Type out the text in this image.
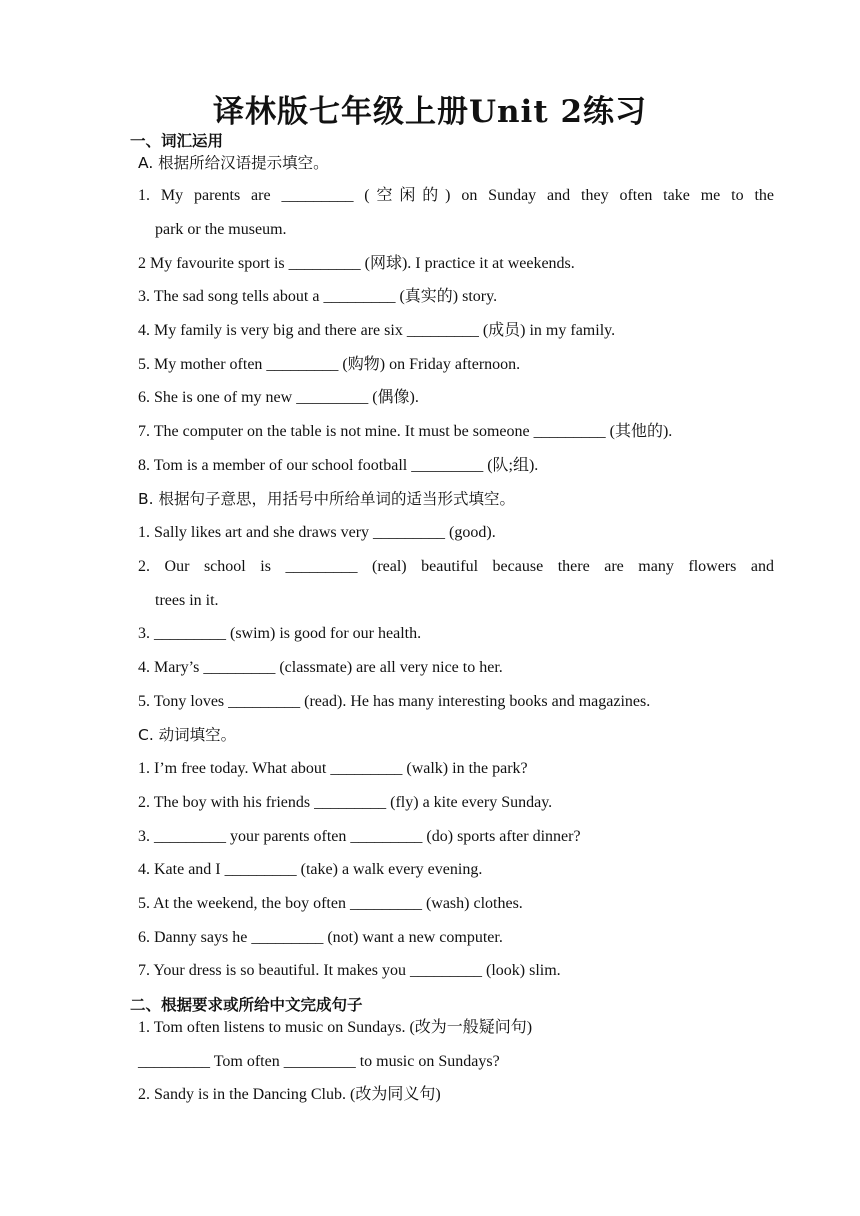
译林版七年级上册Unit 2练习
一、词汇运用
A. 根据所给汉语提示填空。
1. My parents are _________ (空闲的) on Sunday and they often take me to the
park or the museum.
2 My favourite sport is _________ (网球). I practice it at weekends.
3. The sad song tells about a _________ (真实的) story.
4. My family is very big and there are six _________ (成员) in my family.
5. My mother often _________ (购物) on Friday afternoon.
6. She is one of my new _________ (偶像).
7. The computer on the table is not mine. It must be someone _________ (其他的).
8. Tom is a member of our school football _________ (队;组).
B. 根据句子意思，用括号中所给单词的适当形式填空。
1. Sally likes art and she draws very _________ (good).
2. Our school is _________ (real) beautiful because there are many flowers and
trees in it.
3. _________ (swim) is good for our health.
4. Mary’s _________ (classmate) are all very nice to her.
5. Tony loves _________ (read). He has many interesting books and magazines.
C. 动词填空。
1. I’m free today. What about _________ (walk) in the park?
2. The boy with his friends _________ (fly) a kite every Sunday.
3. _________ your parents often _________ (do) sports after dinner?
4. Kate and I _________ (take) a walk every evening.
5. At the weekend, the boy often _________ (wash) clothes.
6. Danny says he _________ (not) want a new computer.
7. Your dress is so beautiful. It makes you _________ (look) slim.
二、根据要求或所给中文完成句子
1. Tom often listens to music on Sundays. (改为一般疑问句)
_________ Tom often _________ to music on Sundays?
2. Sandy is in the Dancing Club. (改为同义句)
